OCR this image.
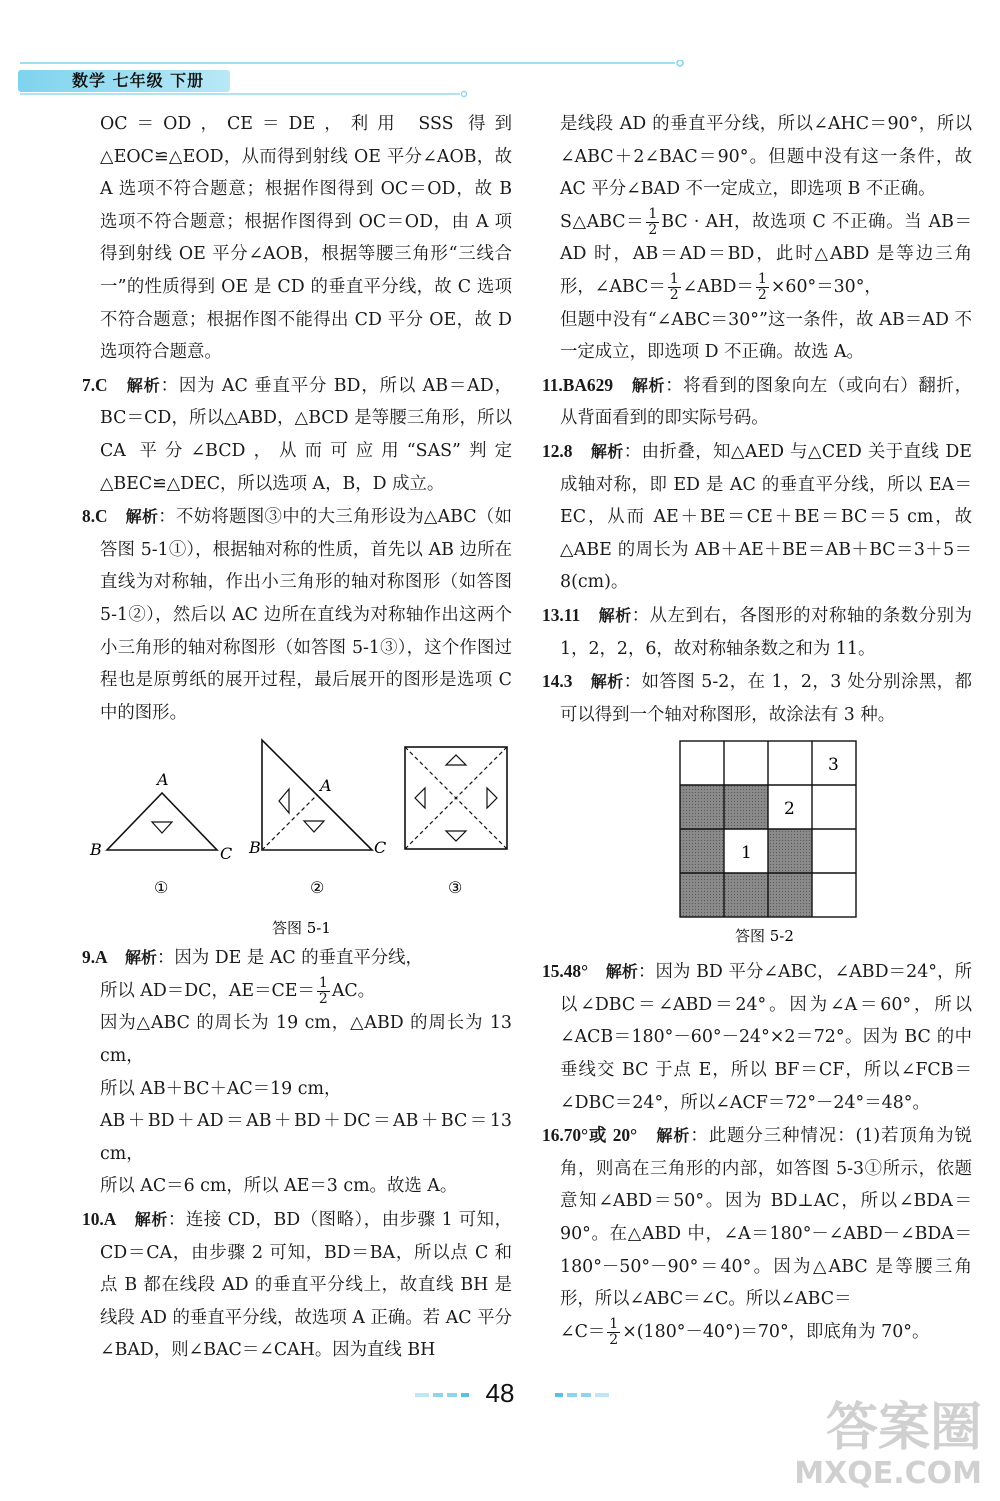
数学 七年级 下册

OC＝OD，CE＝DE，利用 SSS 得到△EOC≌△EOD，从而得到射线 OE 平分∠AOB，故 A 选项不符合题意；根据作图得到 OC＝OD，故 B 选项不符合题意；根据作图得到 OC＝OD，由 A 项得到射线 OE 平分∠AOB，根据等腰三角形“三线合一”的性质得到 OE 是 CD 的垂直平分线，故 C 选项不符合题意；根据作图不能得出 CD 平分 OE，故 D 选项符合题意。

7.C　 解析：因为 AC 垂直平分 BD，所以 AB＝AD，BC＝CD，所以△ABD，△BCD 是等腰三角形，所以 CA 平分∠BCD，从而可应用“SAS”判定△BEC≌△DEC，所以选项 A，B，D 成立。

8.C　 解析：不妨将题图③中的大三角形设为△ABC（如答图 5-1①），根据轴对称的性质，首先以 AB 边所在直线为对称轴，作出小三角形的轴对称图形（如答图 5-1②），然后以 AC 边所在直线为对称轴作出这两个小三角形的轴对称图形（如答图 5-1③），这个作图过程也是原剪纸的展开过程，最后展开的图形是选项 C 中的图形。

A
B	C
①
A
B	C
②	③
答图 5-1

9.A　 解析：因为 DE 是 AC 的垂直平分线，

所以 AD＝DC，$AE=CE= \frac{1}{2}$ AC。

因为△ABC 的周长为 19 cm，△ABD 的周长为 13 cm，

所以 AB＋BC＋AC＝19 cm，

AB＋BD＋AD＝AB＋BD＋DC＝AB＋BC＝13 cm，

所以 AC＝6 cm，所以 AE＝3 cm。故选 A。

10.A　 解析：连接 CD，BD（图略），由步骤 1 可知，CD＝CA，由步骤 2 可知，BD＝BA，所以点 C 和点 B 都在线段 AD 的垂直平分线上，故直线 BH 是线段 AD 的垂直平分线，故选项 A 正确。若 AC 平分∠BAD，则∠BAC＝∠CAH。因为直线 BH

是线段 AD 的垂直平分线，所以∠AHC＝90°，所以∠ABC＋2∠BAC＝90°。但题中没有这一条件，故 AC 平分∠BAD 不一定成立，即选项 B 不正确。

S△ABC＝ $\frac{1}{2}$ BC · AH，故选项 C 不正确。当 AB＝AD 时，AB＝AD＝BD，此时△ABD 是等边三角形，∠ABC＝ $\frac{1}{2}$ ∠ABD＝ $\frac{1}{2} \times 60^\circ=30^\circ$，

但题中没有“∠ABC＝30°”这一条件，故 AB＝AD 不一定成立，即选项 D 不正确。故选 A。

11.BA629　 解析：将看到的图象向左（或向右）翻折，从背面看到的即实际号码。

12.8　 解析：由折叠，知△AED 与△CED 关于直线 DE 成轴对称，即 ED 是 AC 的垂直平分线，所以 EA＝EC，从而 AE＋BE＝CE＋BE＝BC＝5 cm，故△ABE 的周长为 AB＋AE＋BE＝AB＋BC＝3＋5＝8(cm)。

13.11　 解析：从左到右，各图形的对称轴的条数分别为 1，2，2，6，故对称轴条数之和为 11。

14.3　 解析：如答图 5-2，在 1，2，3 处分别涂黑，都可以得到一个轴对称图形，故涂法有 3 种。

3
2
1
答图 5-2

15.48°　 解析：因为 BD 平分∠ABC，∠ABD＝24°，所以∠DBC＝∠ABD＝24°。因为∠A＝60°，所以∠ACB＝180°－60°－24°×2＝72°。因为 BC 的中垂线交 BC 于点 E，所以 BF＝CF，所以∠FCB＝∠DBC＝24°，所以∠ACF＝72°－24°＝48°。

16.70°或 20°　 解析：此题分三种情况：(1)若顶角为锐角，则高在三角形的内部，如答图 5-3①所示，依题意知∠ABD＝50°。因为 BD⊥AC，所以∠BDA＝90°。在△ABD 中，∠A＝180°－∠ABD－∠BDA＝180°－50°－90°＝40°。因为△ABC 是等腰三角形，所以∠ABC＝∠C。所以∠ABC＝

∠C＝ $\frac{1}{2} \times(180^\circ-40^\circ)=70^\circ$，即底角为 70°。

48
答案圈
MXQE.COM
